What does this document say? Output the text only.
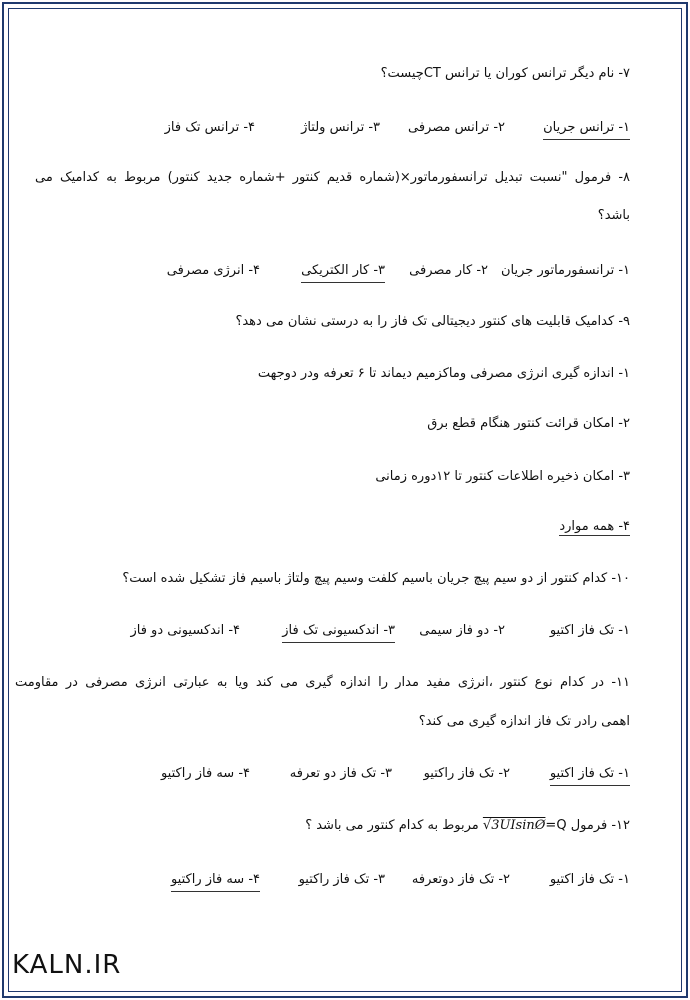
۷- نام دیگر ترانس کوران یا ترانس CTچیست؟
۱- ترانس جریان
۲- ترانس مصرفی
۳- ترانس ولتاژ
۴- ترانس تک فاز
۸- فرمول "نسبت تبدیل ترانسفورماتور×(شماره قدیم کنتور +شماره جدید کنتور) مربوط به کدامیک می
باشد؟
۱- ترانسفورماتور جریان
۲- کار مصرفی
۳- کار الکتریکی
۴- انرژی مصرفی
۹- کدامیک قابلیت های کنتور دیجیتالی تک فاز را به درستی نشان می دهد؟
۱- اندازه گیری انرژی مصرفی وماکزمیم دیماند تا ۶ تعرفه ودر دوجهت
۲- امکان قرائت کنتور هنگام قطع برق
۳- امکان ذخیره اطلاعات کنتور تا ۱۲دوره زمانی
۴- همه موارد
۱۰- کدام کنتور از دو سیم پیچ جریان باسیم کلفت وسیم پیچ ولتاژ باسیم فاز تشکیل شده است؟
۱- تک فاز اکتیو
۲- دو فاز سیمی
۳- اندکسیونی تک فاز
۴- اندکسیونی دو فاز
۱۱- در کدام نوع کنتور ،انرژی مفید مدار را اندازه گیری می کند ویا به عبارتی انرژی مصرفی در مقاومت
اهمی رادر تک فاز اندازه گیری می کند؟
۱- تک فاز اکتیو
۲- تک فاز راکتیو
۳- تک فاز دو تعرفه
۴- سه فاز راکتیو
۱۲- فرمول Q=√3UIsinØ مربوط به کدام کنتور می باشد ؟
۱- تک فاز اکتیو
۲- تک فاز دوتعرفه
۳- تک فاز راکتیو
۴- سه فاز راکتیو
KALN.IR
